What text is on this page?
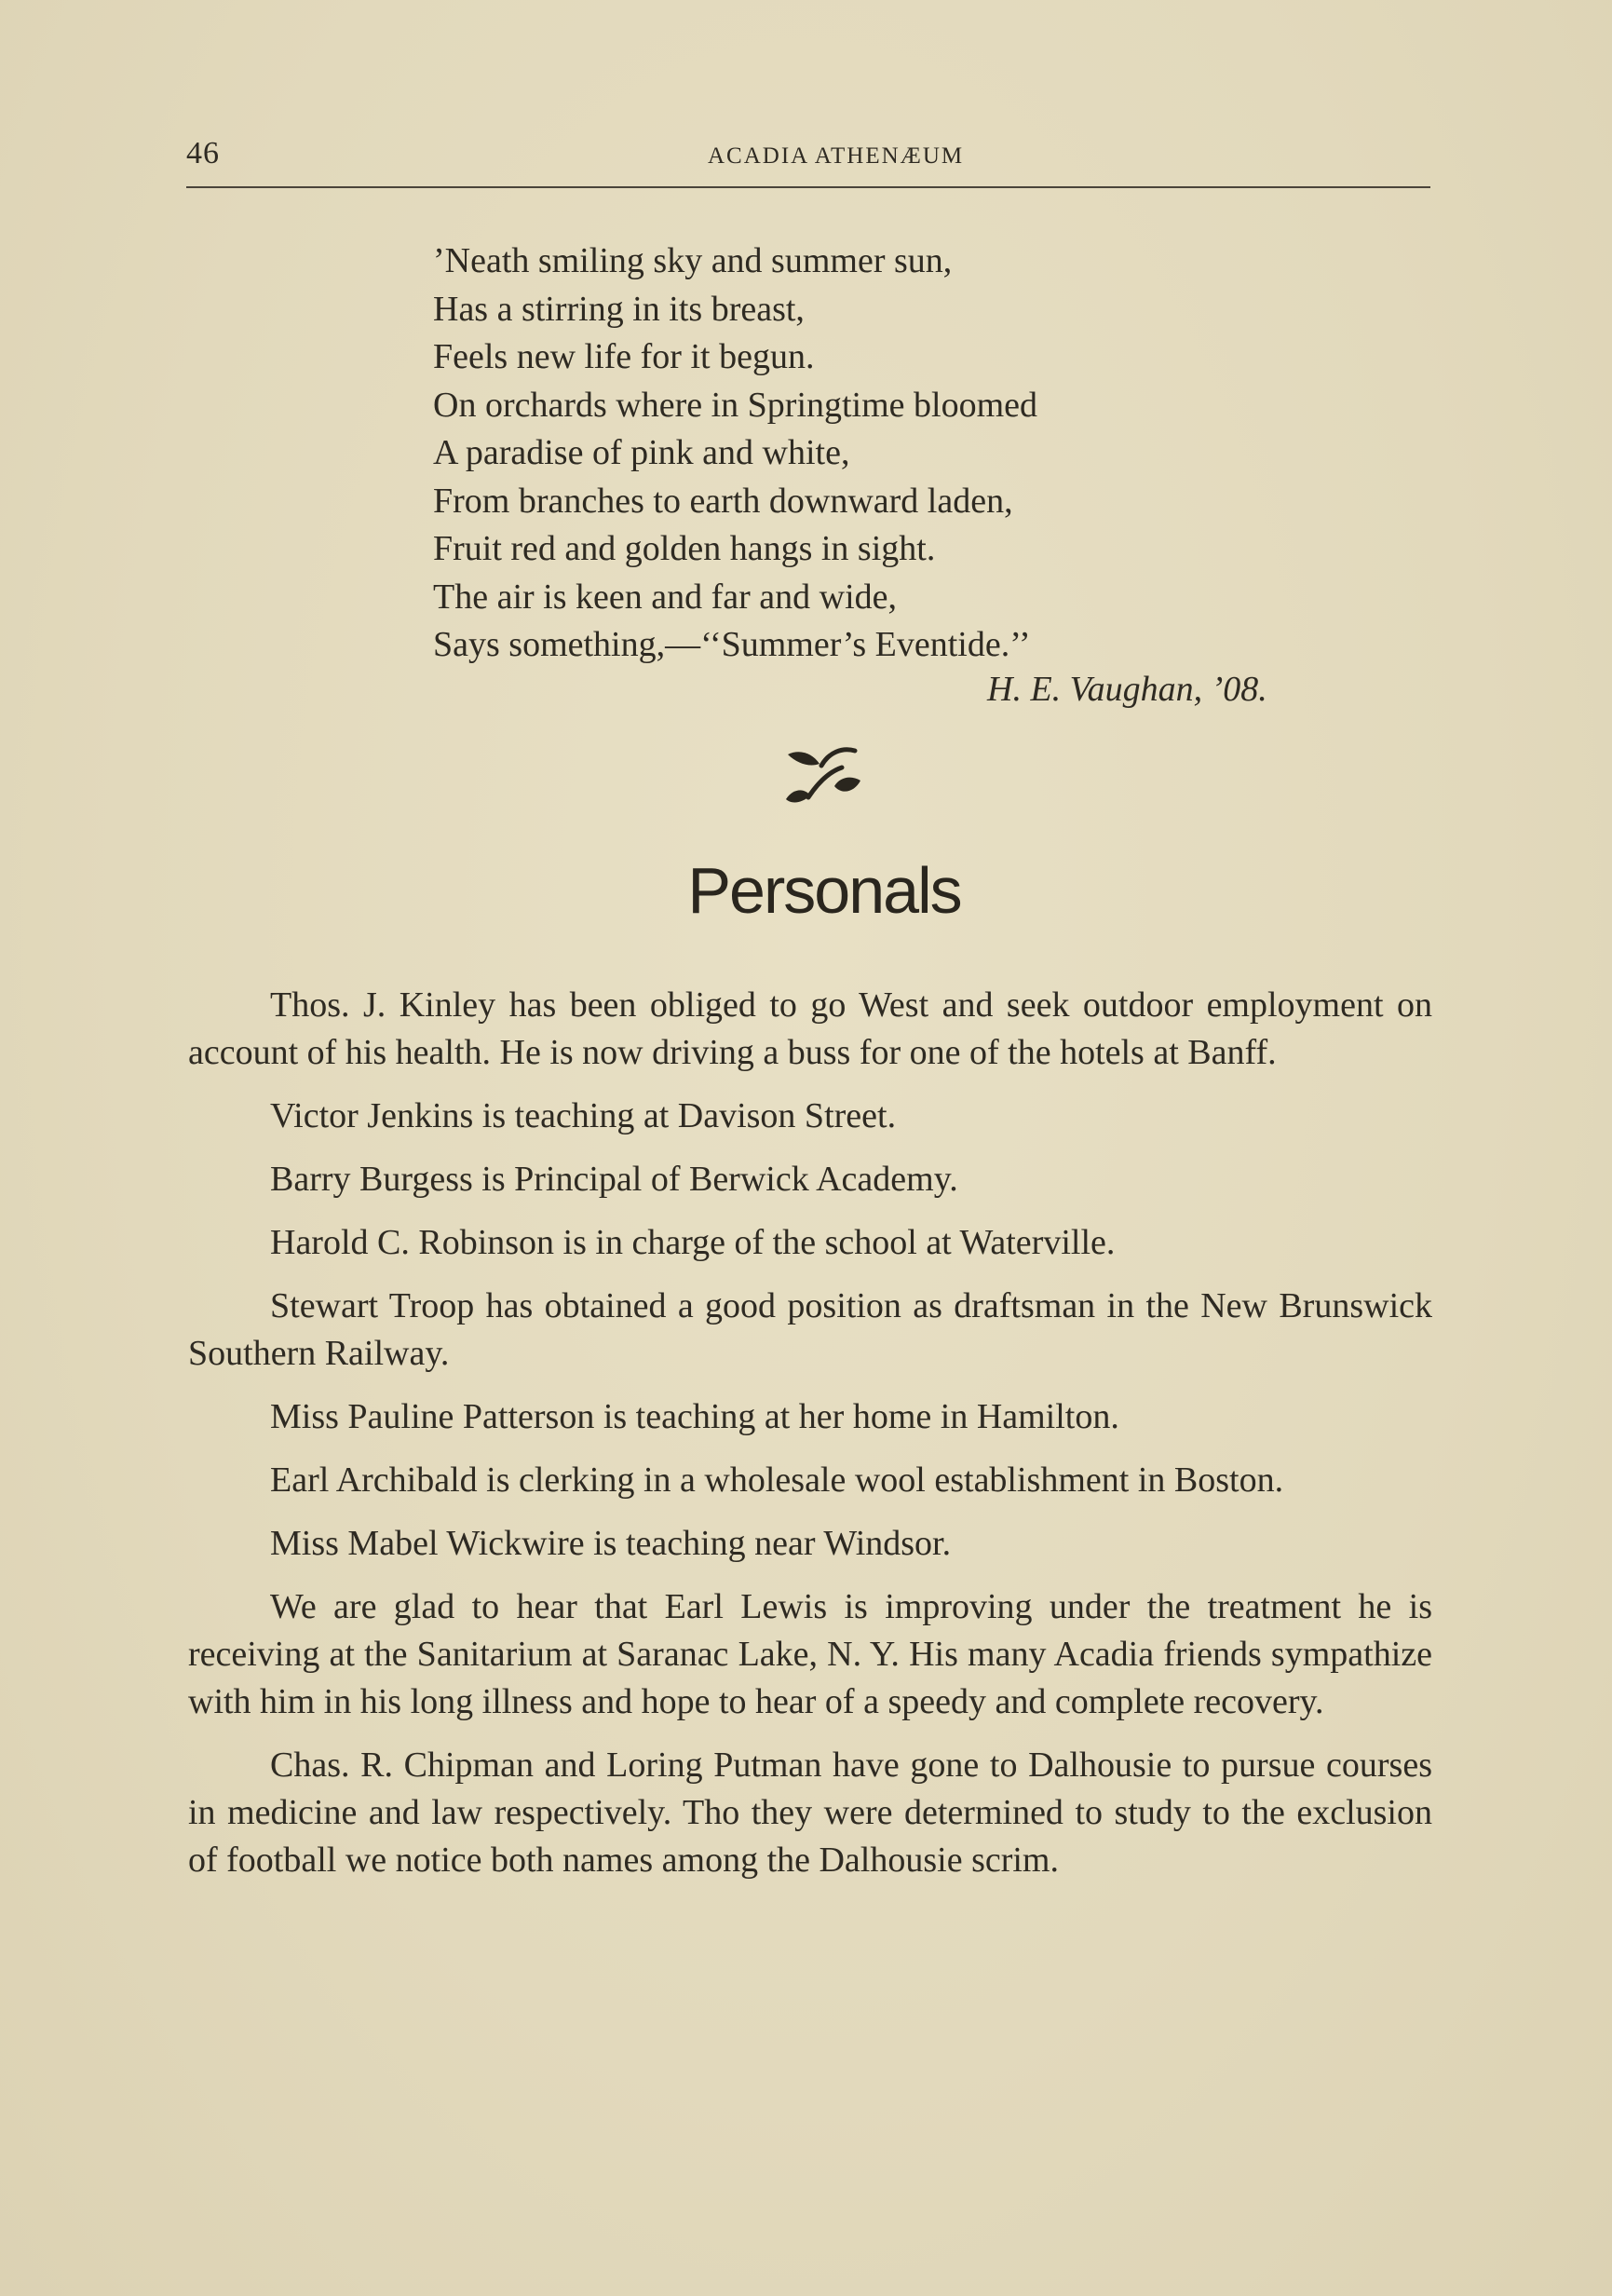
46	ACADIA ATHENÆUM
’Neath smiling sky and summer sun,
Has a stirring in its breast,
Feels new life for it begun.
On orchards where in Springtime bloomed
A paradise of pink and white,
From branches to earth downward laden,
Fruit red and golden hangs in sight.
The air is keen and far and wide,
Says something,—‘‘Summer’s Eventide.’’
H. E. Vaughan, ’08.
Personals

Thos. J. Kinley has been obliged to go West and seek outdoor employment on account of his health. He is now driving a buss for one of the hotels at Banff.

Victor Jenkins is teaching at Davison Street.

Barry Burgess is Principal of Berwick Academy.

Harold C. Robinson is in charge of the school at Waterville.

Stewart Troop has obtained a good position as draftsman in the New Brunswick Southern Railway.

Miss Pauline Patterson is teaching at her home in Hamilton.

Earl Archibald is clerking in a wholesale wool establishment in Boston.

Miss Mabel Wickwire is teaching near Windsor.

We are glad to hear that Earl Lewis is improving under the treatment he is receiving at the Sanitarium at Saranac Lake, N. Y. His many Acadia friends sympathize with him in his long illness and hope to hear of a speedy and complete recovery.

Chas. R. Chipman and Loring Putman have gone to Dalhousie to pursue courses in medicine and law respectively. Tho they were determined to study to the exclusion of football we notice both names among the Dalhousie scrim.
